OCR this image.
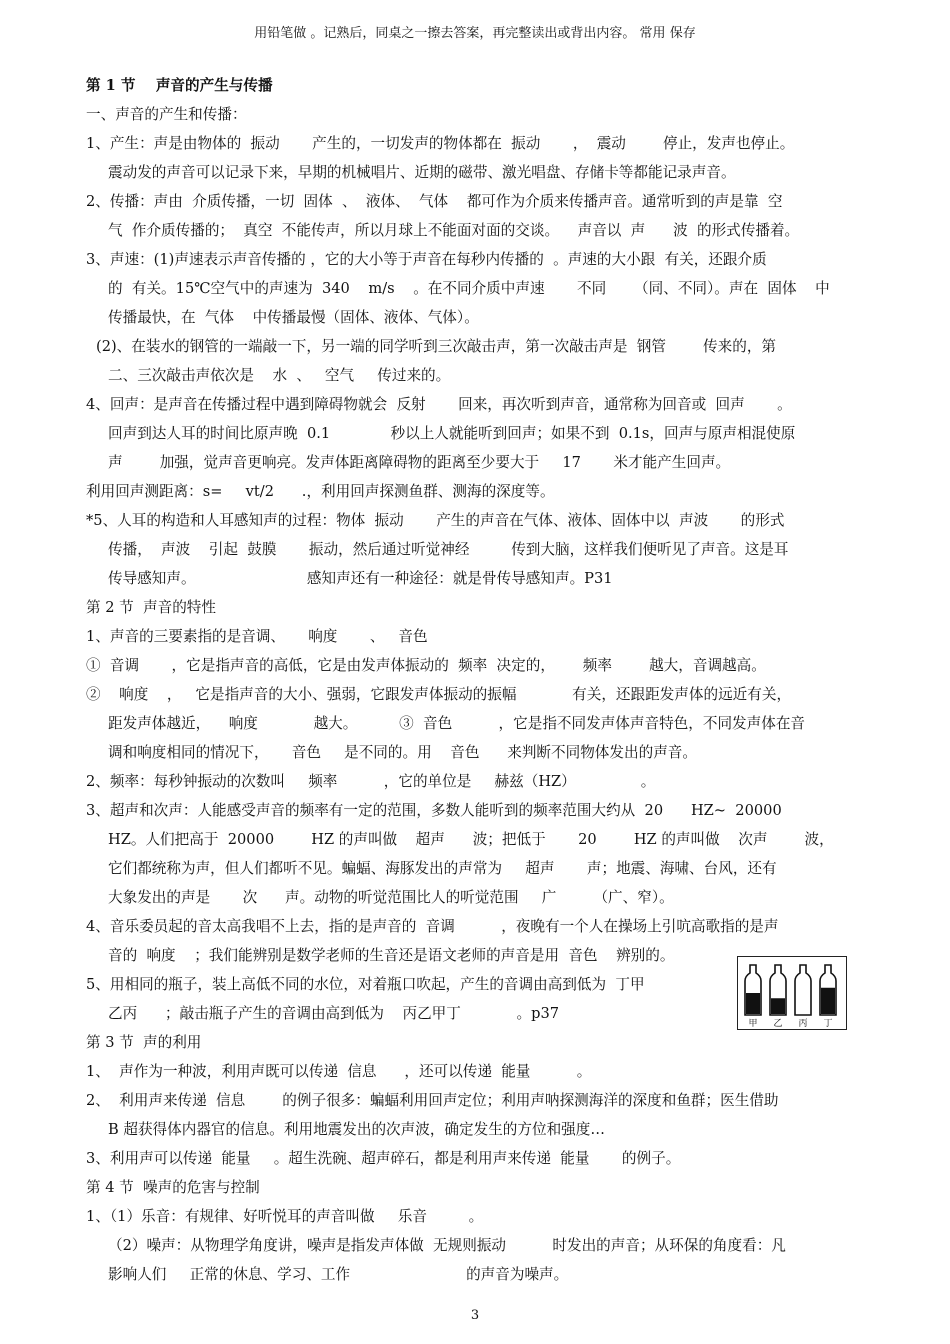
用铅笔做 。记熟后，同桌之一擦去答案，再完整读出或背出内容。 常用 保存
第 1 节    声音的产生与传播
一、声音的产生和传播：
1、产生：声是由物体的  振动       产生的，一切发声的物体都在  振动       ，  震动        停止，发声也停止。
震动发的声音可以记录下来，早期的机械唱片、近期的磁带、激光唱盘、存储卡等都能记录声音。
2、传播：声由  介质传播，一切  固体  、  液体、  气体    都可作为介质来传播声音。通常听到的声是靠  空
气  作介质传播的；  真空  不能传声，所以月球上不能面对面的交谈。    声音以  声      波  的形式传播着。
3、声速：(1)声速表示声音传播的 ，它的大小等于声音在每秒内传播的  。声速的大小跟  有关，还跟介质
的  有关。15℃空气中的声速为  340    m/s    。在不同介质中声速       不同      （同、不同）。声在  固体    中
传播最快，在  气体    中传播最慢（固体、液体、气体）。
(2)、在装水的钢管的一端敲一下，另一端的同学听到三次敲击声，第一次敲击声是  钢管        传来的，第
二、三次敲击声依次是    水  、   空气     传过来的。
4、回声：是声音在传播过程中遇到障碍物就会  反射       回来，再次听到声音，通常称为回音或  回声       。
回声到达人耳的时间比原声晚  0.1             秒以上人就能听到回声；如果不到  0.1s，回声与原声相混使原
声        加强，觉声音更响亮。发声体距离障碍物的距离至少要大于     17       米才能产生回声。
利用回声测距离：s=     vt/2      .，利用回声探测鱼群、测海的深度等。
*5、人耳的构造和人耳感知声的过程：物体  振动       产生的声音在气体、液体、固体中以  声波       的形式
传播，  声波    引起  鼓膜       振动，然后通过听觉神经         传到大脑，这样我们便听见了声音。这是耳
传导感知声。                        感知声还有一种途径：就是骨传导感知声。P31
第 2 节  声音的特性
1、声音的三要素指的是音调、     响度       、   音色
①  音调       ，它是指声音的高低，它是由发声体振动的  频率  决定的，      频率        越大，音调越高。
②    响度    ，   它是指声音的大小、强弱，它跟发声体振动的振幅            有关，还跟距发声体的远近有关，
距发声体越近，    响度            越大。         ③  音色          ，它是指不同发声体声音特色，不同发声体在音
调和响度相同的情况下，     音色     是不同的。用    音色      来判断不同物体发出的声音。
2、频率：每秒钟振动的次数叫     频率          ，它的单位是     赫兹（HZ）              。
3、超声和次声：人能感受声音的频率有一定的范围，多数人能听到的频率范围大约从  20      HZ~  20000
HZ。人们把高于  20000        HZ 的声叫做    超声      波；把低于       20        HZ 的声叫做    次声        波，
它们都统称为声，但人们都听不见。蝙蝠、海豚发出的声常为     超声       声；地震、海啸、台风，还有
大象发出的声是       次      声。动物的听觉范围比人的听觉范围     广        （广、窄）。
4、音乐委员起的音太高我唱不上去，指的是声音的  音调          ，夜晚有一个人在操场上引吭高歌指的是声
音的  响度    ；我们能辨别是数学老师的生音还是语文老师的声音是用  音色    辨别的。
5、用相同的瓶子，装上高低不同的水位，对着瓶口吹起，产生的音调由高到低为  丁甲
乙丙      ；敲击瓶子产生的音调由高到低为    丙乙甲丁            。p37
第 3 节  声的利用
1、  声作为一种波，利用声既可以传递  信息      ，还可以传递  能量          。
2、  利用声来传递  信息        的例子很多：蝙蝠利用回声定位；利用声呐探测海洋的深度和鱼群；医生借助
B 超获得体内器官的信息。利用地震发出的次声波，确定发生的方位和强度…
3、利用声可以传递  能量     。超生洗碗、超声碎石，都是利用声来传递  能量       的例子。
第 4 节  噪声的危害与控制
1、（1）乐音：有规律、好听悦耳的声音叫做     乐音         。
（2）噪声：从物理学角度讲，噪声是指发声体做  无规则振动          时发出的声音；从环保的角度看：凡
影响人们     正常的休息、学习、工作                         的声音为噪声。
甲 乙 丙 丁
3
